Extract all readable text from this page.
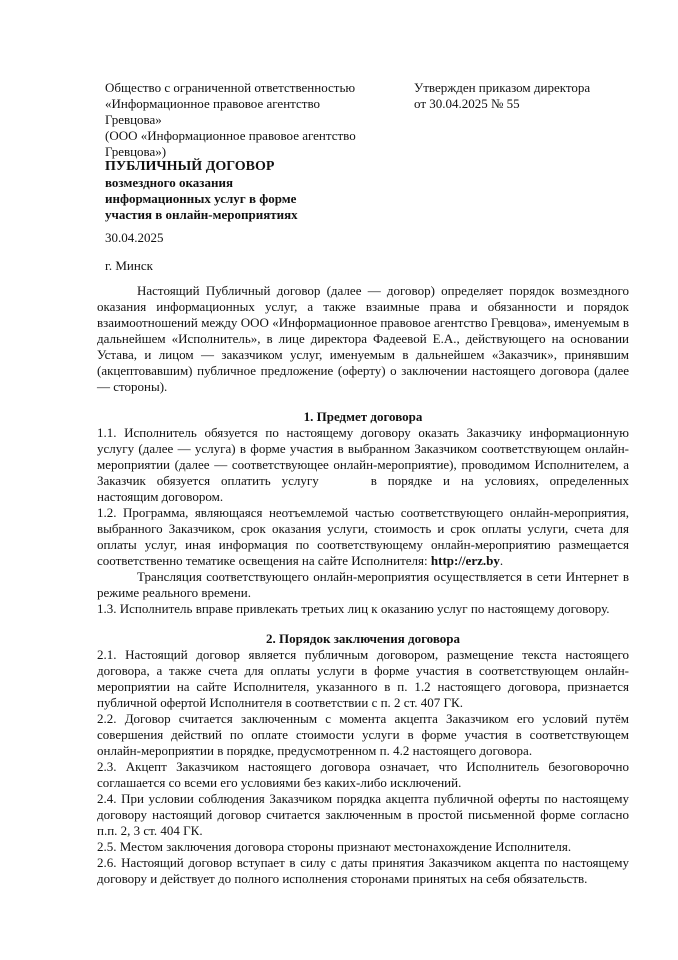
Общество с ограниченной ответственностью
«Информационное правовое агентство
Гревцова»
(ООО «Информационное правовое агентство
Гревцова»)
Утвержден приказом директора
от 30.04.2025 № 55
ПУБЛИЧНЫЙ ДОГОВОР
возмездного оказания
информационных услуг в форме
участия в онлайн-мероприятиях
30.04.2025
г. Минск

Настоящий Публичный договор (далее — договор) определяет порядок возмездного оказания информационных услуг, а также взаимные права и обязанности и порядок взаимоотношений между ООО «Информационное правовое агентство Гревцова», именуемым в дальнейшем «Исполнитель», в лице директора Фадеевой Е.А., действующего на основании Устава, и лицом — заказчиком услуг, именуемым в дальнейшем «Заказчик», принявшим (акцептовавшим) публичное предложение (оферту) о заключении настоящего договора (далее — стороны).

1. Предмет договора

1.1. Исполнитель обязуется по настоящему договору оказать Заказчику информационную услугу (далее — услуга) в форме участия в выбранном Заказчиком соответствующем онлайн-мероприятии (далее — соответствующее онлайн-мероприятие), проводимом Исполнителем, а Заказчик обязуется оплатить услугу	в порядке и на условиях, определенных настоящим договором.

1.2. Программа, являющаяся неотъемлемой частью соответствующего онлайн-мероприятия, выбранного Заказчиком, срок оказания услуги, стоимость и срок оплаты услуги, счета для оплаты услуг, иная информация по соответствующему онлайн-мероприятию размещается соответственно тематике освещения на сайте Исполнителя: http://erz.by.

Трансляция соответствующего онлайн-мероприятия осуществляется в сети Интернет в режиме реального времени.

1.3. Исполнитель вправе привлекать третьих лиц к оказанию услуг по настоящему договору.

2. Порядок заключения договора

2.1. Настоящий договор является публичным договором, размещение текста настоящего договора, а также счета для оплаты услуги в форме участия в соответствующем онлайн-мероприятии на сайте Исполнителя, указанного в п. 1.2 настоящего договора, признается публичной офертой Исполнителя в соответствии с п. 2 ст. 407 ГК.

2.2. Договор считается заключенным с момента акцепта Заказчиком его условий путём совершения действий по оплате стоимости услуги в форме участия в соответствующем онлайн-мероприятии в порядке, предусмотренном п. 4.2 настоящего договора.

2.3. Акцепт Заказчиком настоящего договора означает, что Исполнитель безоговорочно соглашается со всеми его условиями без каких-либо исключений.

2.4. При условии соблюдения Заказчиком порядка акцепта публичной оферты по настоящему договору настоящий договор считается заключенным в простой письменной форме согласно п.п. 2, 3 ст. 404 ГК.

2.5. Местом заключения договора стороны признают местонахождение Исполнителя.

2.6. Настоящий договор вступает в силу с даты принятия Заказчиком акцепта по настоящему договору и действует до полного исполнения сторонами принятых на себя обязательств.
